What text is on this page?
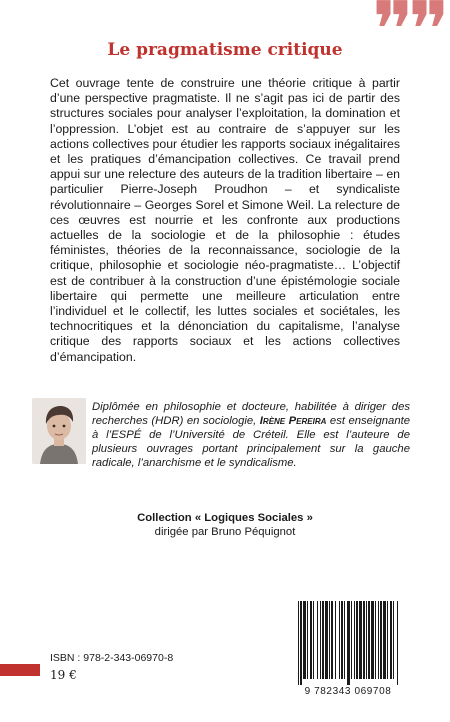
❞❞
Le pragmatisme critique

Cet ouvrage tente de construire une théorie critique à partir d’une perspective pragmatiste. Il ne s’agit pas ici de partir des structures sociales pour analyser l’exploitation, la domination et l’oppression. L’objet est au contraire de s’appuyer sur les actions collectives pour étudier les rapports sociaux inégalitaires et les pratiques d’émancipation collectives. Ce travail prend appui sur une relecture des auteurs de la tradition libertaire – en particulier Pierre-Joseph Proudhon – et syndicaliste révolutionnaire – Georges Sorel et Simone Weil. La relecture de ces œuvres est nourrie et les confronte aux productions actuelles de la sociologie et de la philosophie : études féministes, théories de la reconnaissance, sociologie de la critique, philosophie et sociologie néo-pragmatiste… L’objectif est de contribuer à la construction d’une épistémologie sociale libertaire qui permette une meilleure articulation entre l’individuel et le collectif, les luttes sociales et sociétales, les technocritiques et la dénonciation du capitalisme, l’analyse critique des rapports sociaux et les actions collectives d’émancipation.

Diplômée en philosophie et docteure, habilitée à diriger des recherches (HDR) en sociologie, Irène Pereira est enseignante à l’ESPÉ de l’Université de Créteil. Elle est l’auteure de plusieurs ouvrages portant principalement sur la gauche radicale, l’anarchisme et le syndicalisme.

Collection « Logiques Sociales »
dirigée par Bruno Péquignot
ISBN : 978-2-343-06970-8
19 €
9 782343 069708
